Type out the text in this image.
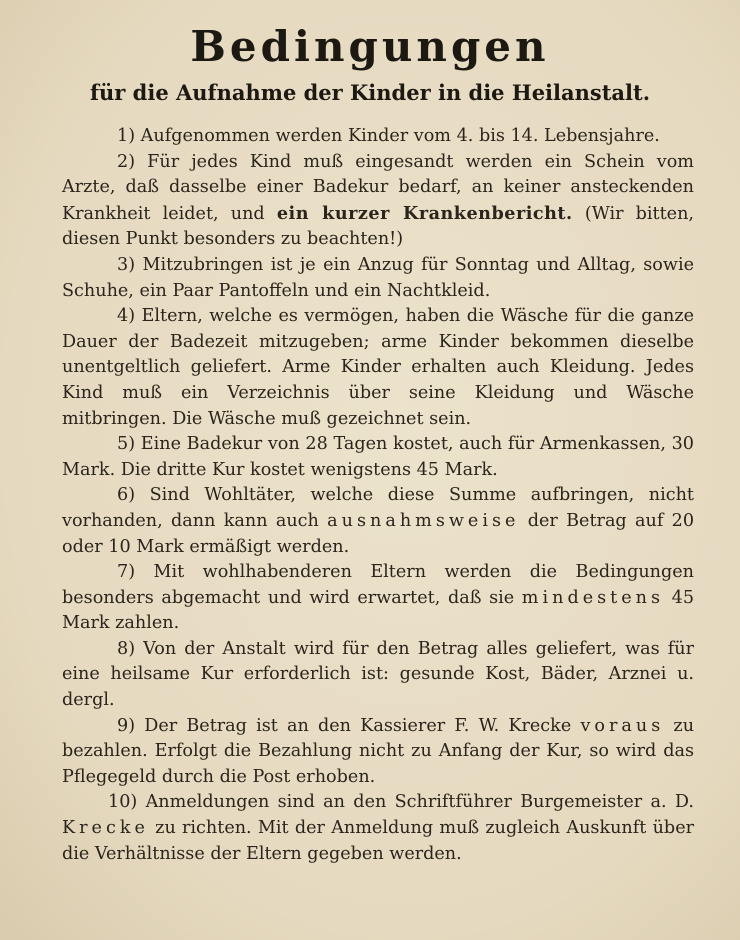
Bedingungen
für die Aufnahme der Kinder in die Heilanstalt.

1) Aufgenommen werden Kinder vom 4. bis 14. Lebensjahre.

2) Für jedes Kind muß eingesandt werden ein Schein vom Arzte, daß dasselbe einer Badekur bedarf, an keiner ansteckenden Krankheit leidet, und ein kurzer Krankenbericht. (Wir bitten, diesen Punkt besonders zu beachten!)

3) Mitzubringen ist je ein Anzug für Sonntag und Alltag, sowie Schuhe, ein Paar Pantoffeln und ein Nachtkleid.

4) Eltern, welche es vermögen, haben die Wäsche für die ganze Dauer der Badezeit mitzugeben; arme Kinder bekommen dieselbe unentgeltlich geliefert. Arme Kinder erhalten auch Kleidung. Jedes Kind muß ein Verzeichnis über seine Kleidung und Wäsche mitbringen. Die Wäsche muß gezeichnet sein.

5) Eine Badekur von 28 Tagen kostet, auch für Armenkassen, 30 Mark. Die dritte Kur kostet wenigstens 45 Mark.

6) Sind Wohltäter, welche diese Summe aufbringen, nicht vorhanden, dann kann auch ausnahmsweise der Betrag auf 20 oder 10 Mark ermäßigt werden.

7) Mit wohlhabenderen Eltern werden die Bedingungen besonders abgemacht und wird erwartet, daß sie mindestens 45 Mark zahlen.

8) Von der Anstalt wird für den Betrag alles geliefert, was für eine heilsame Kur erforderlich ist: gesunde Kost, Bäder, Arznei u. dergl.

9) Der Betrag ist an den Kassierer F. W. Krecke voraus zu bezahlen. Erfolgt die Bezahlung nicht zu Anfang der Kur, so wird das Pflegegeld durch die Post erhoben.

10) Anmeldungen sind an den Schriftführer Burgemeister a. D. Krecke zu richten. Mit der Anmeldung muß zugleich Auskunft über die Verhältnisse der Eltern gegeben werden.
